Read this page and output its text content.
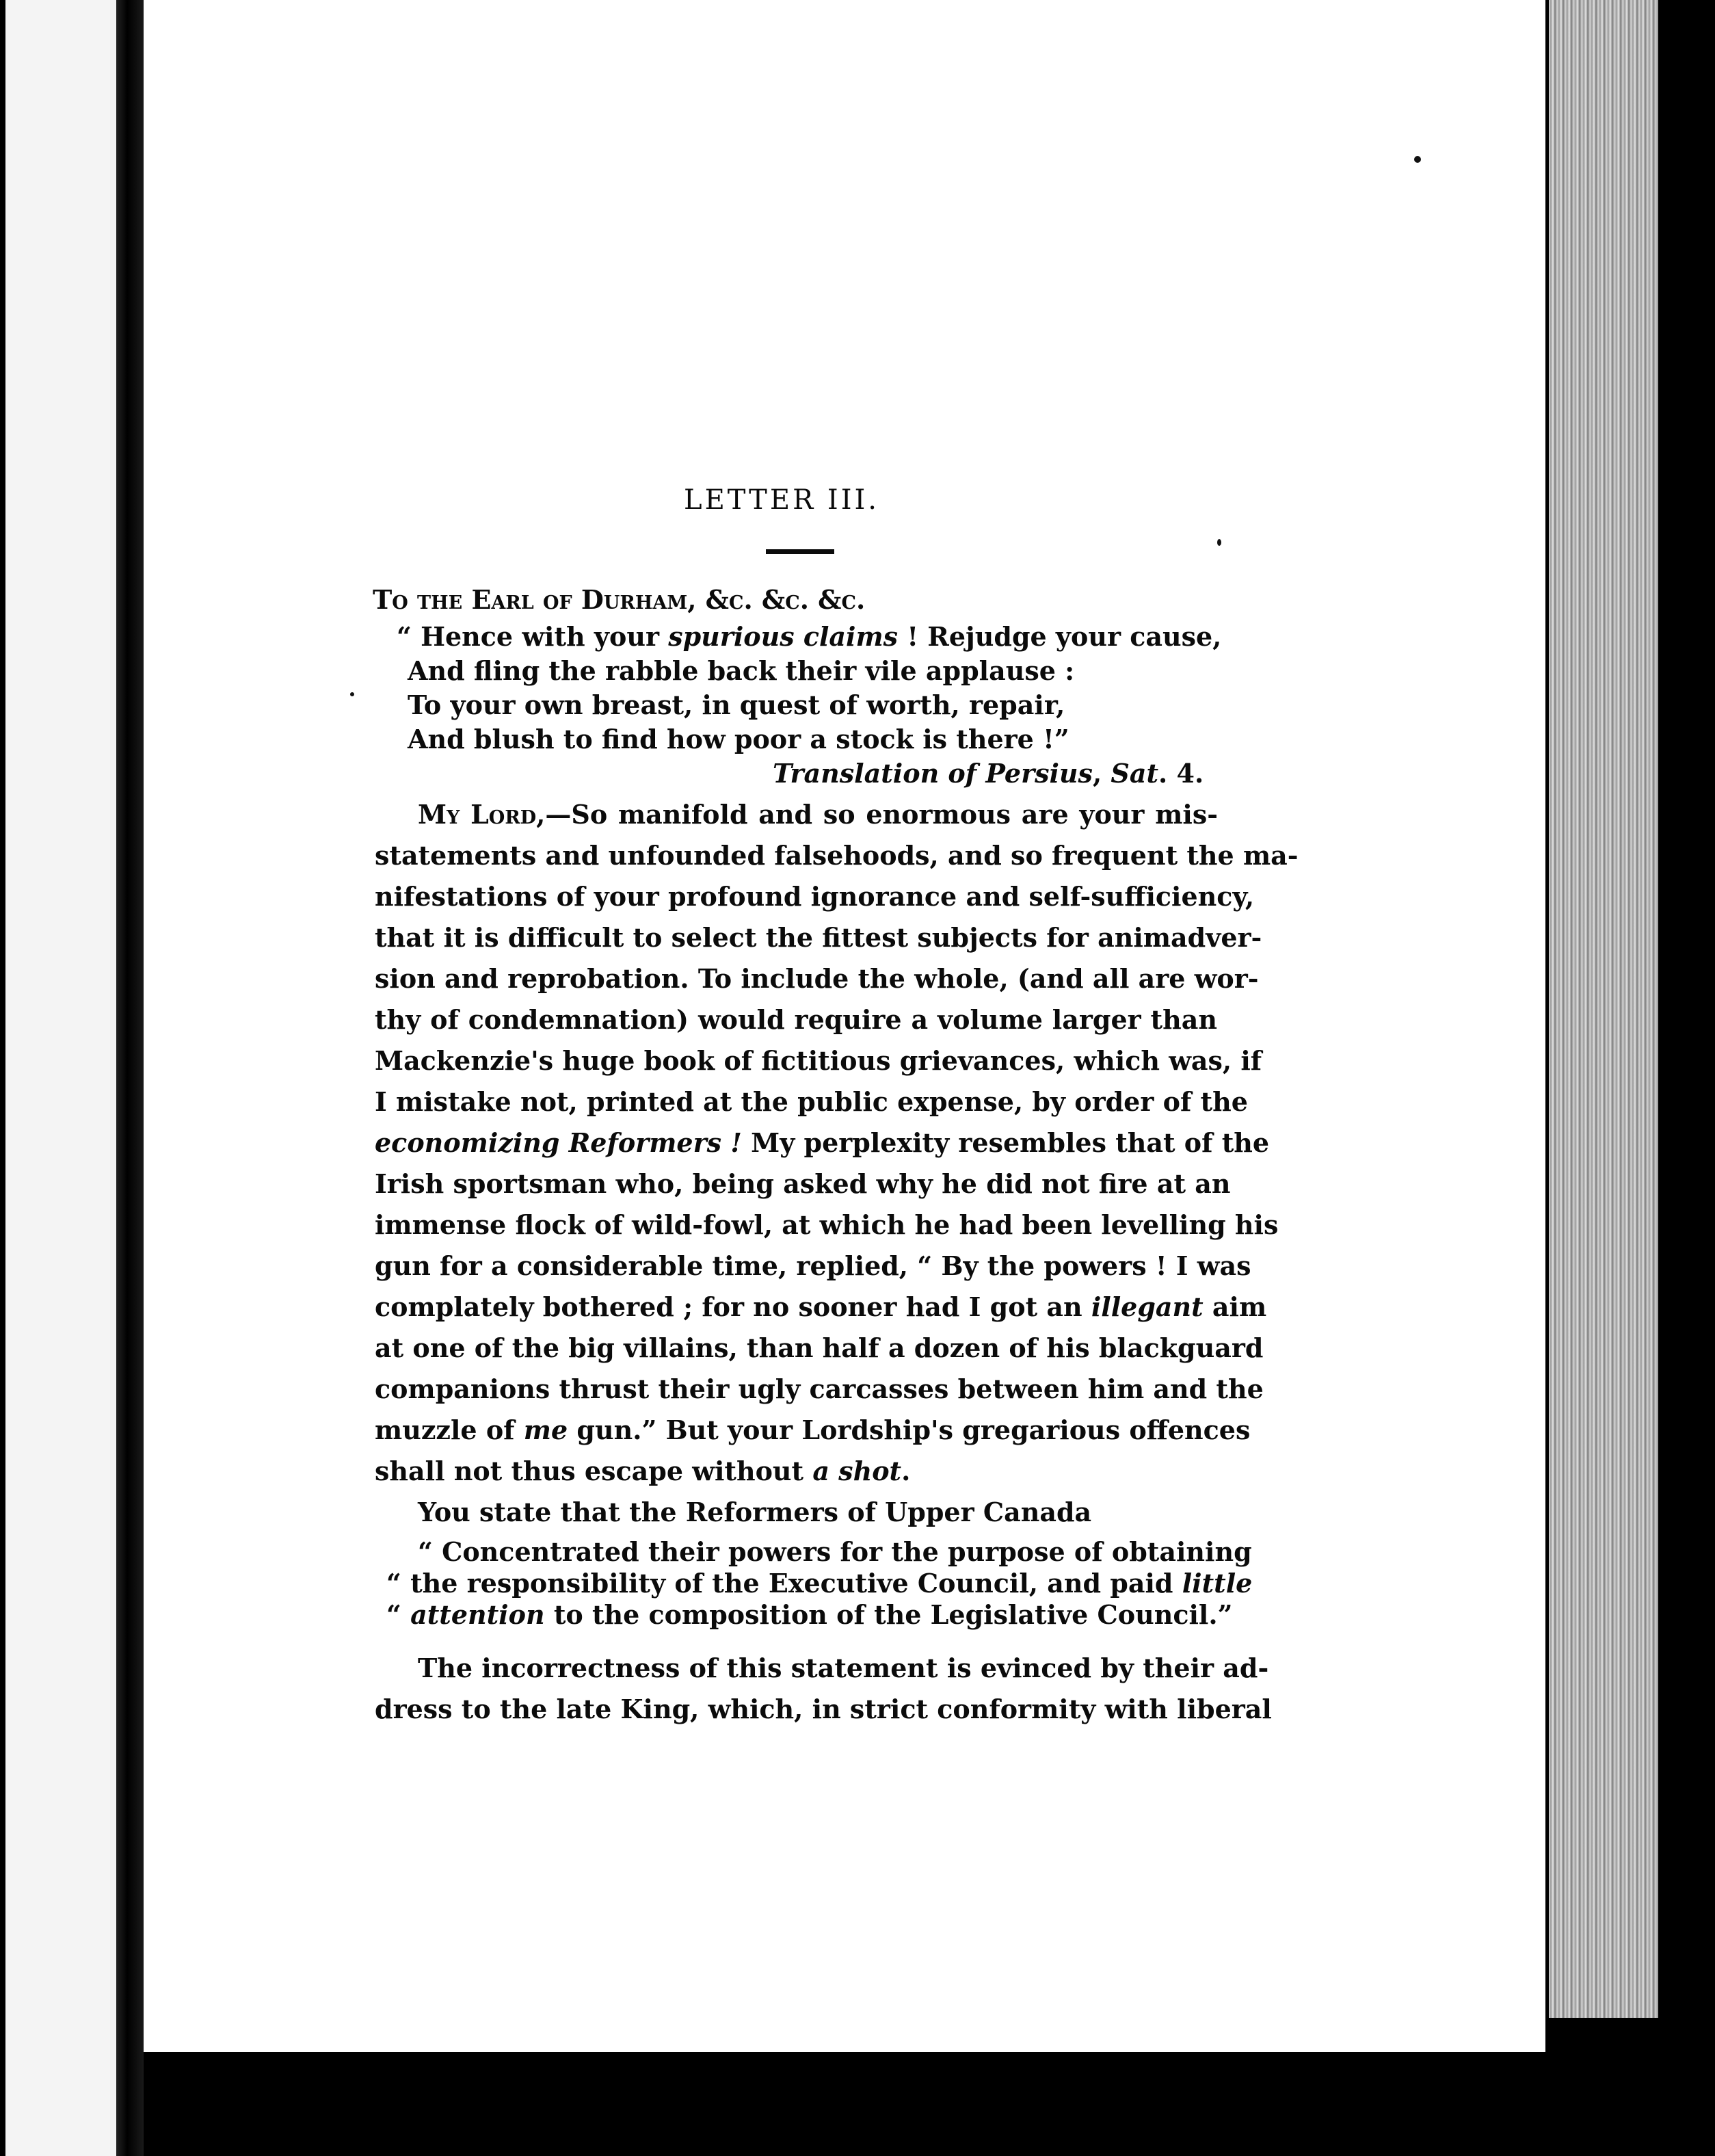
LETTER III.
To the Earl of Durham, &c. &c. &c.
“ Hence with your spurious claims ! Rejudge your cause,
And fling the rabble back their vile applause :
To your own breast, in quest of worth, repair,
And blush to find how poor a stock is there !”
Translation of Persius, Sat. 4.
My Lord,—So manifold and so enormous are your mis-
statements and unfounded falsehoods, and so frequent the ma-
nifestations of your profound ignorance and self-sufficiency,
that it is difficult to select the fittest subjects for animadver-
sion and reprobation. To include the whole, (and all are wor-
thy of condemnation) would require a volume larger than
Mackenzie's huge book of fictitious grievances, which was, if
I mistake not, printed at the public expense, by order of the
economizing Reformers ! My perplexity resembles that of the
Irish sportsman who, being asked why he did not fire at an
immense flock of wild-fowl, at which he had been levelling his
gun for a considerable time, replied, “ By the powers ! I was
complately bothered ; for no sooner had I got an illegant aim
at one of the big villains, than half a dozen of his blackguard
companions thrust their ugly carcasses between him and the
muzzle of me gun.” But your Lordship's gregarious offences
shall not thus escape without a shot.
You state that the Reformers of Upper Canada
“ Concentrated their powers for the purpose of obtaining
“ the responsibility of the Executive Council, and paid little
“ attention to the composition of the Legislative Council.”
The incorrectness of this statement is evinced by their ad-
dress to the late King, which, in strict conformity with liberal
